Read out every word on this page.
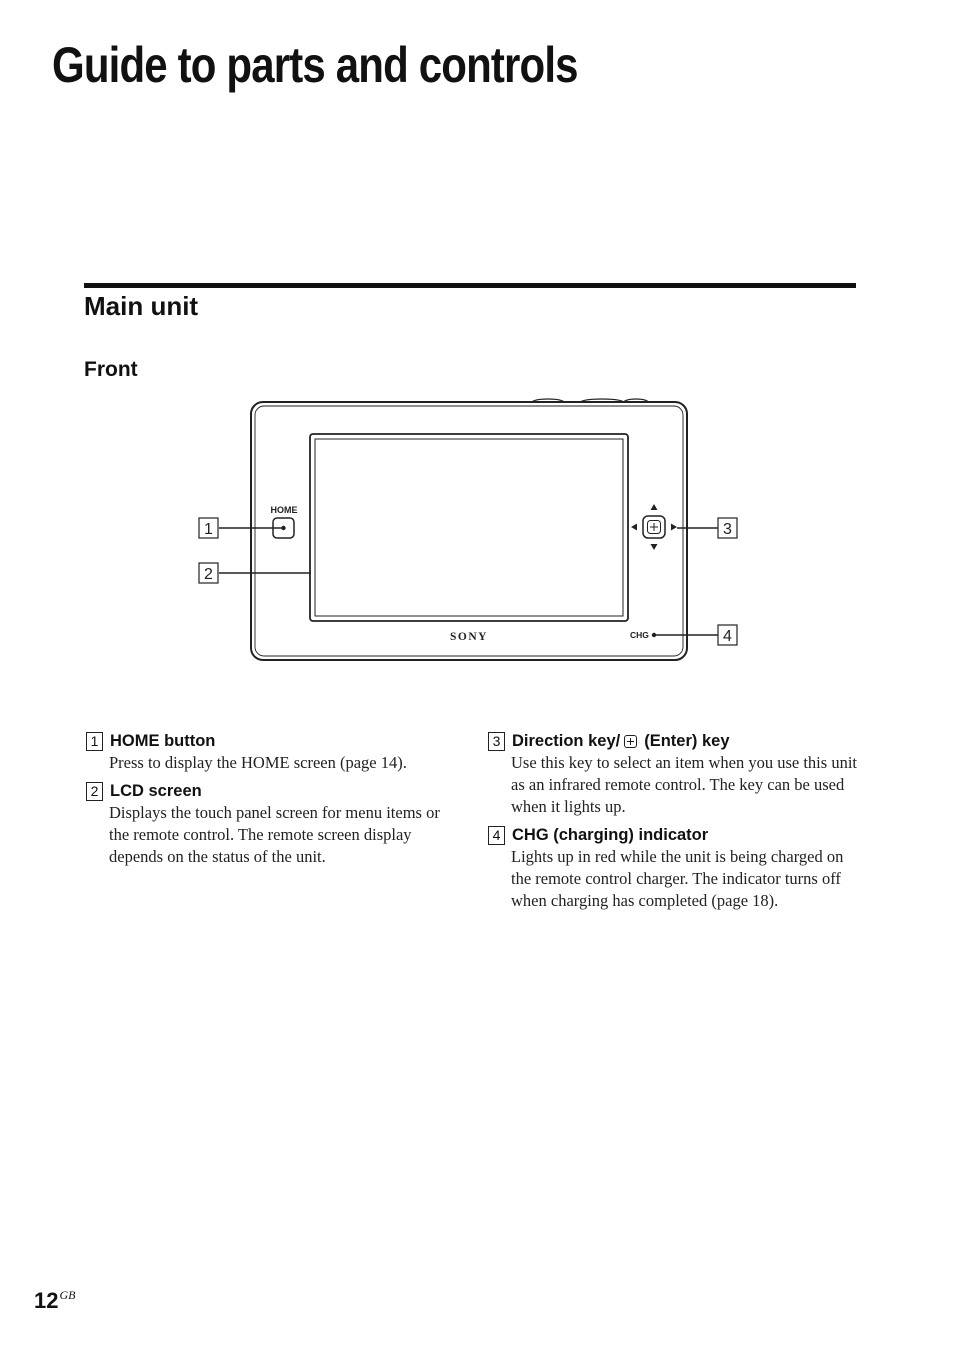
Guide to parts and controls
Main unit
Front
HOME
SONY	CHG
1
2
3
4
1 HOME button

Press to display the HOME screen (page 14).

2 LCD screen

Displays the touch panel screen for menu items or the remote control. The remote screen display depends on the status of the unit.

3 Direction key/ (Enter) key

Use this key to select an item when you use this unit as an infrared remote control. The key can be used when it lights up.

4 CHG (charging) indicator

Lights up in red while the unit is being charged on the remote control charger. The indicator turns off when charging has completed (page 18).

$12^{GB}$
